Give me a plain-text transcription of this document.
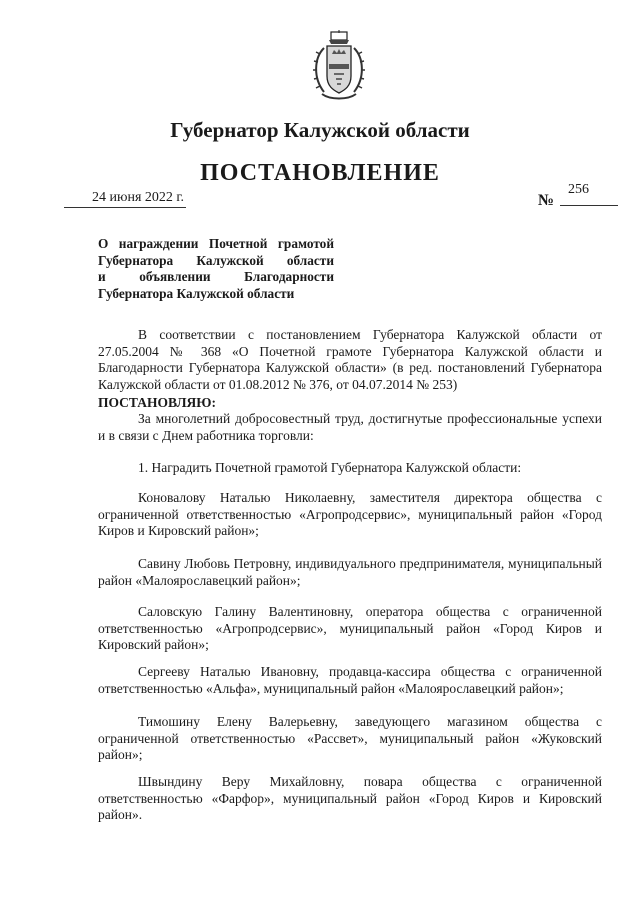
Губернатор Калужской области
ПОСТАНОВЛЕНИЕ
24 июня 2022 г.	№
256
О награждении Почетной грамотой
Губернатора Калужской области
и объявлении Благодарности
Губернатора Калужской области

В соответствии с постановлением Губернатора Калужской области от 27.05.2004 № 368 «О Почетной грамоте Губернатора Калужской области и Благодарности Губернатора Калужской области» (в ред. постановлений Губернатора Калужской области от 01.08.2012 № 376, от 04.07.2014 № 253)

ПОСТАНОВЛЯЮ:

За многолетний добросовестный труд, достигнутые профессиональные успехи и в связи с Днем работника торговли:

1. Наградить Почетной грамотой Губернатора Калужской области:

Коновалову Наталью Николаевну, заместителя директора общества с ограниченной ответственностью «Агропродсервис», муниципальный район «Город Киров и Кировский район»;

Савину Любовь Петровну, индивидуального предпринимателя, муниципальный район «Малоярославецкий район»;

Саловскую Галину Валентиновну, оператора общества с ограниченной ответственностью «Агропродсервис», муниципальный район «Город Киров и Кировский район»;

Сергееву Наталью Ивановну, продавца-кассира общества с ограниченной ответственностью «Альфа», муниципальный район «Малоярославецкий район»;

Тимошину Елену Валерьевну, заведующего магазином общества с ограниченной ответственностью «Рассвет», муниципальный район «Жуковский район»;

Швындину Веру Михайловну, повара общества с ограниченной ответственностью «Фарфор», муниципальный район «Город Киров и Кировский район».
